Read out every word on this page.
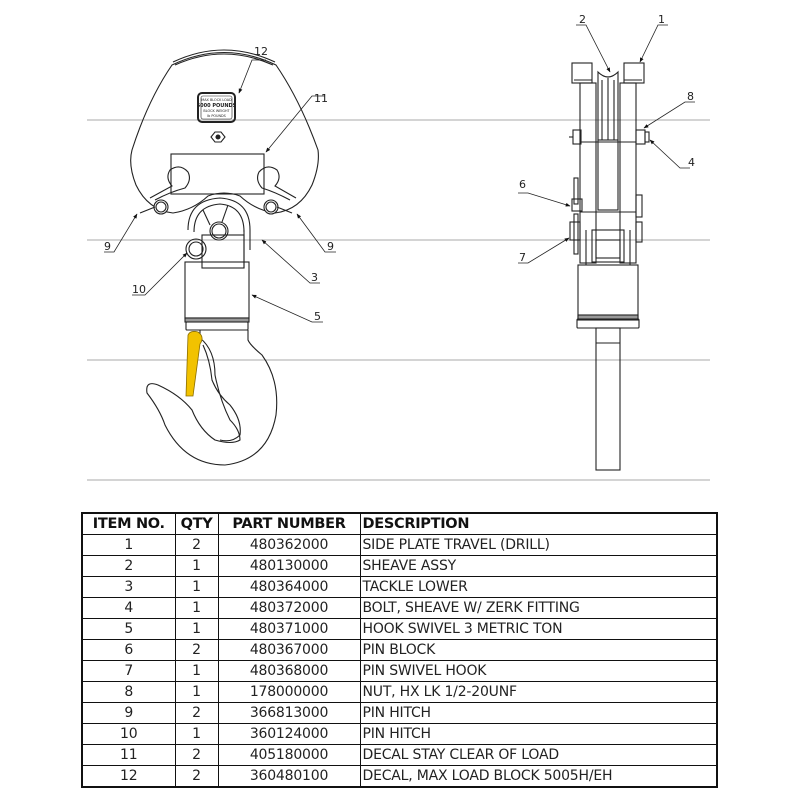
MAX BLOCK LOAD
5000 POUNDS
BLOCK WEIGHT
lb POUNDS
12
11
9	9
10
3
5
2	1
8
4
6
7
ITEM NO.	QTY	PART NUMBER	DESCRIPTION
1	2	480362000	SIDE PLATE TRAVEL (DRILL)
2	1	480130000	SHEAVE ASSY
3	1	480364000	TACKLE LOWER
4	1	480372000	BOLT, SHEAVE W/ ZERK FITTING
5	1	480371000	HOOK SWIVEL 3 METRIC TON
6	2	480367000	PIN BLOCK
7	1	480368000	PIN SWIVEL HOOK
8	1	178000000	NUT, HX LK 1/2-20UNF
9	2	366813000	PIN HITCH
10	1	360124000	PIN HITCH
11	2	405180000	DECAL STAY CLEAR OF LOAD
12	2	360480100	DECAL, MAX LOAD BLOCK 5005H/EH
